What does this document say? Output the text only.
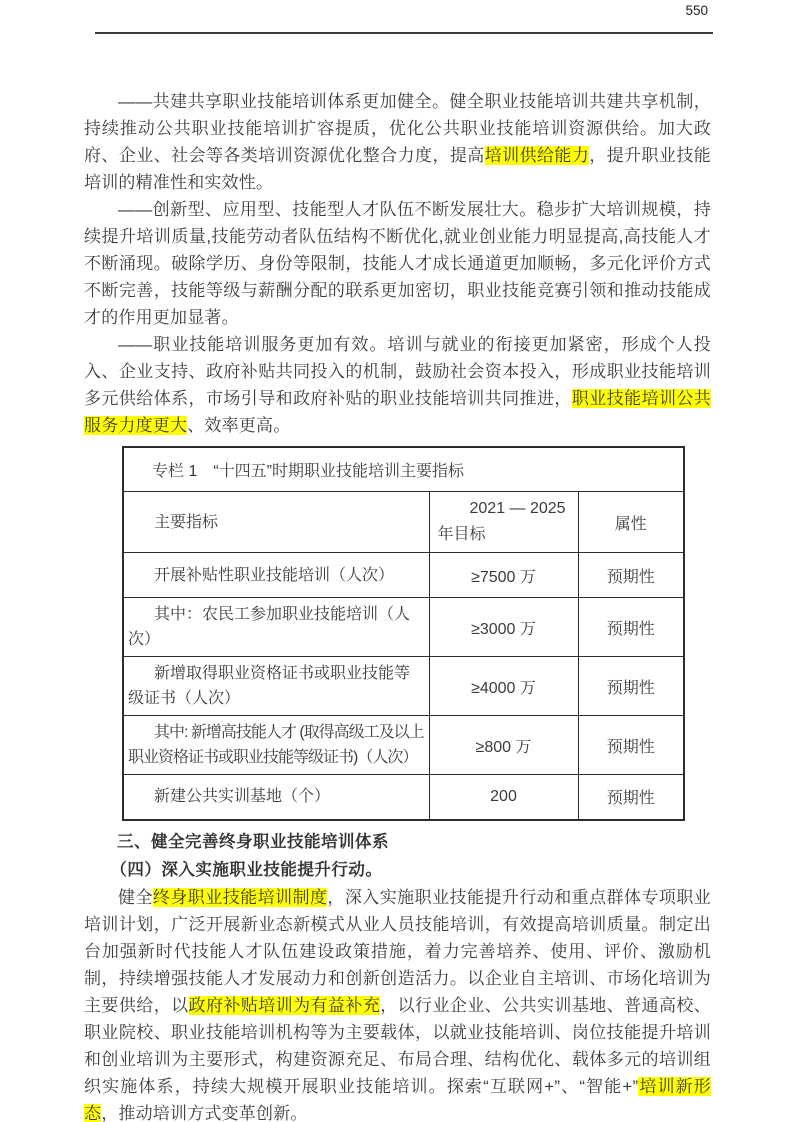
550

——共建共享职业技能培训体系更加健全。健全职业技能培训共建共享机制，持续推动公共职业技能培训扩容提质，优化公共职业技能培训资源供给。加大政府、企业、社会等各类培训资源优化整合力度，提高培训供给能力，提升职业技能培训的精准性和实效性。

——创新型、应用型、技能型人才队伍不断发展壮大。稳步扩大培训规模，持续提升培训质量,技能劳动者队伍结构不断优化,就业创业能力明显提高,高技能人才不断涌现。破除学历、身份等限制，技能人才成长通道更加顺畅，多元化评价方式不断完善，技能等级与薪酬分配的联系更加密切，职业技能竞赛引领和推动技能成才的作用更加显著。

——职业技能培训服务更加有效。培训与就业的衔接更加紧密，形成个人投入、企业支持、政府补贴共同投入的机制，鼓励社会资本投入，形成职业技能培训多元供给体系，市场引导和政府补贴的职业技能培训共同推进，职业技能培训公共服务力度更大、效率更高。

专栏 1　“十四五”时期职业技能培训主要指标		
主要指标	2021 — 2025 年目标	属性
开展补贴性职业技能培训（人次）	≥7500 万	预期性
其中：农民工参加职业技能培训（人次）	≥3000 万	预期性
新增取得职业资格证书或职业技能等级证书（人次）	≥4000 万	预期性
其中: 新增高技能人才 (取得高级工及以上职业资格证书或职业技能等级证书)（人次）	≥800 万	预期性
新建公共实训基地（个）	200	预期性

三、健全完善终身职业技能培训体系

（四）深入实施职业技能提升行动。

健全终身职业技能培训制度，深入实施职业技能提升行动和重点群体专项职业培训计划，广泛开展新业态新模式从业人员技能培训，有效提高培训质量。制定出台加强新时代技能人才队伍建设政策措施，着力完善培养、使用、评价、激励机制，持续增强技能人才发展动力和创新创造活力。以企业自主培训、市场化培训为主要供给，以政府补贴培训为有益补充，以行业企业、公共实训基地、普通高校、职业院校、职业技能培训机构等为主要载体，以就业技能培训、岗位技能提升培训和创业培训为主要形式，构建资源充足、布局合理、结构优化、载体多元的培训组织实施体系，持续大规模开展职业技能培训。探索“互联网+”、“智能+”培训新形态，推动培训方式变革创新。
